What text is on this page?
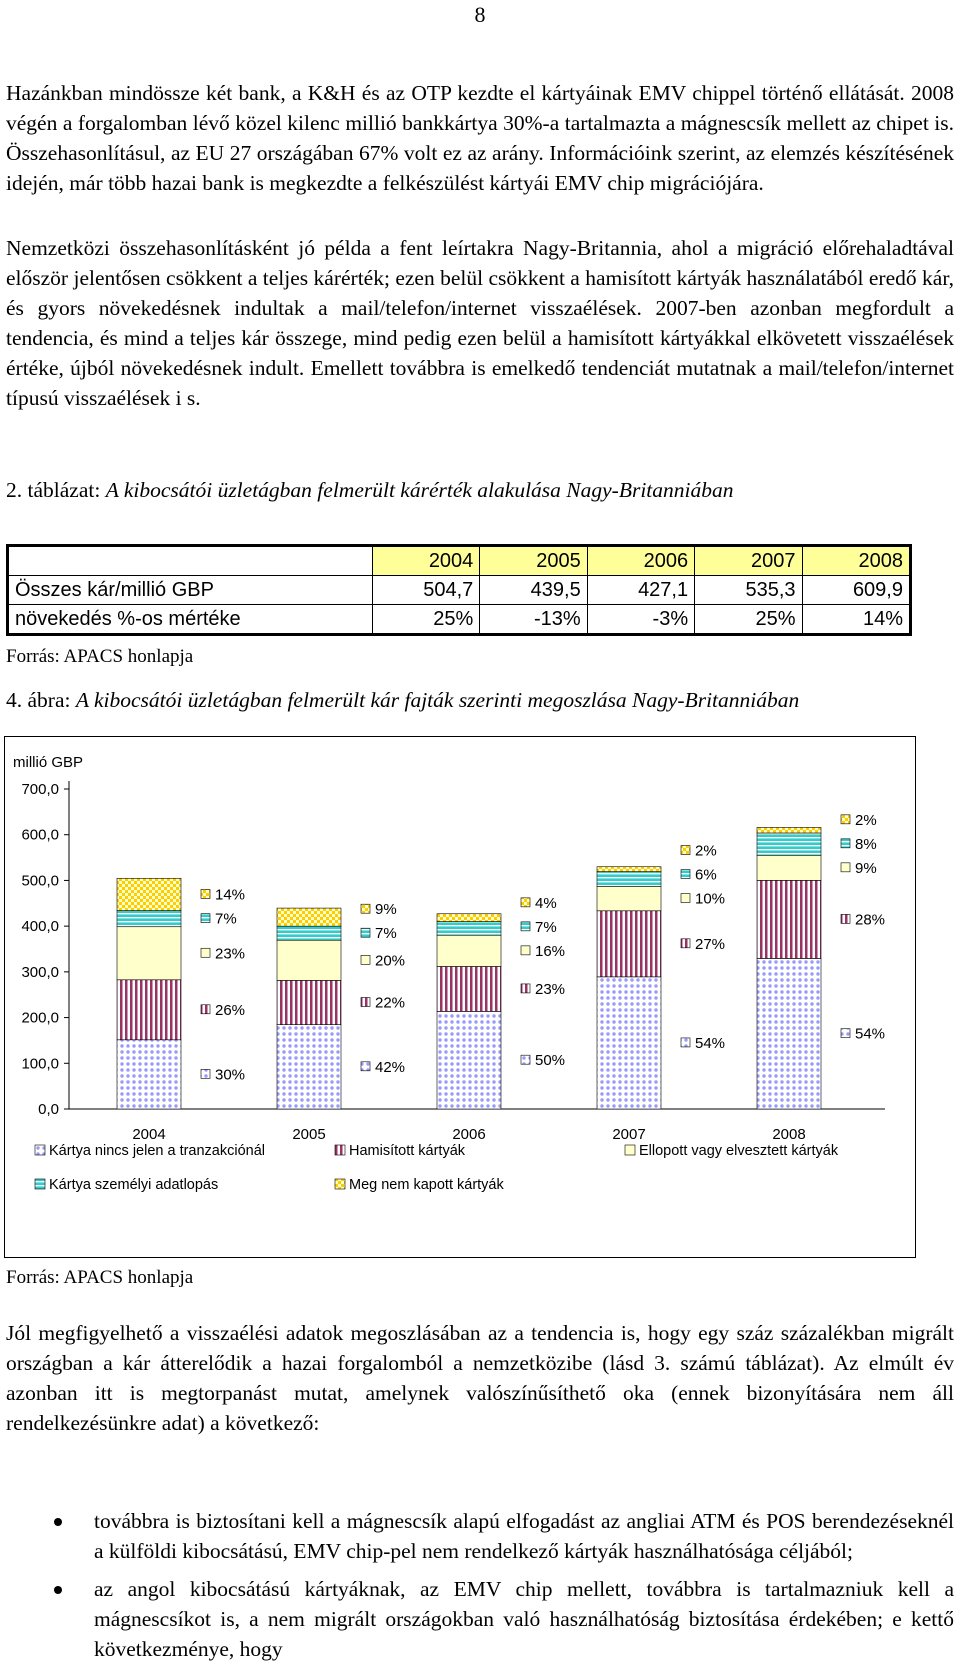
8

Hazánkban mindössze két bank, a K&H és az OTP kezdte el kártyáinak EMV chippel történő ellátását. 2008 végén a forgalomban lévő közel kilenc millió bankkártya 30%-a tartalmazta a mágnescsík mellett az chipet is. Összehasonlításul, az EU 27 országában 67% volt ez az arány. Információink szerint, az elemzés készítésének idején, már több hazai bank is megkezdte a felkészülést kártyái EMV chip migrációjára.

Nemzetközi összehasonlításként jó példa a fent leírtakra Nagy-Britannia, ahol a migráció előrehaladtával először jelentősen csökkent a teljes kárérték; ezen belül csökkent a hamisított kártyák használatából eredő kár, és gyors növekedésnek indultak a mail/telefon/internet visszaélések. 2007-ben azonban megfordult a tendencia, és mind a teljes kár összege, mind pedig ezen belül a hamisított kártyákkal elkövetett visszaélések értéke, újból növekedésnek indult. Emellett továbbra is emelkedő tendenciát mutatnak a mail/telefon/internet típusú visszaélések i s.

2. táblázat: A kibocsátói üzletágban felmerült kárérték alakulása Nagy-Britanniában

	2004	2005	2006	2007	2008
Összes kár/millió GBP	504,7	439,5	427,1	535,3	609,9
növekedés %-os mértéke	25%	-13%	-3%	25%	14%

Forrás: APACS honlapja

4. ábra: A kibocsátói üzletágban felmerült kár fajták szerinti megoszlása Nagy-Britanniában

millió GBP
0,0
100,0
200,0
300,0
400,0
500,0
600,0
700,0
30%
26%
23%
7%
14%
2004
42%
22%
20%
7%
9%
2005
50%
23%
16%
7%
4%
2006
54%
27%
10%
6%
2%
2007
54%
28%
9%
8%
2%
2008
Kártya nincs jelen a tranzakciónál	Hamisított kártyák	Ellopott vagy elvesztett kártyák
Kártya személyi adatlopás	Meg nem kapott kártyák

Forrás: APACS honlapja

Jól megfigyelhető a visszaélési adatok megoszlásában az a tendencia is, hogy egy száz százalékban migrált országban a kár átterelődik a hazai forgalomból a nemzetközibe (lásd 3. számú táblázat). Az elmúlt év azonban itt is megtorpanást mutat, amelynek valószínűsíthető oka (ennek bizonyítására nem áll rendelkezésünkre adat) a következő:

továbbra is biztosítani kell a mágnescsík alapú elfogadást az angliai ATM és POS berendezéseknél a külföldi kibocsátású, EMV chip-pel nem rendelkező kártyák használhatósága céljából;
az angol kibocsátású kártyáknak, az EMV chip mellett, továbbra is tartalmazniuk kell a mágnescsíkot is, a nem migrált országokban való használhatóság biztosítása érdekében; e kettő következménye, hogy
